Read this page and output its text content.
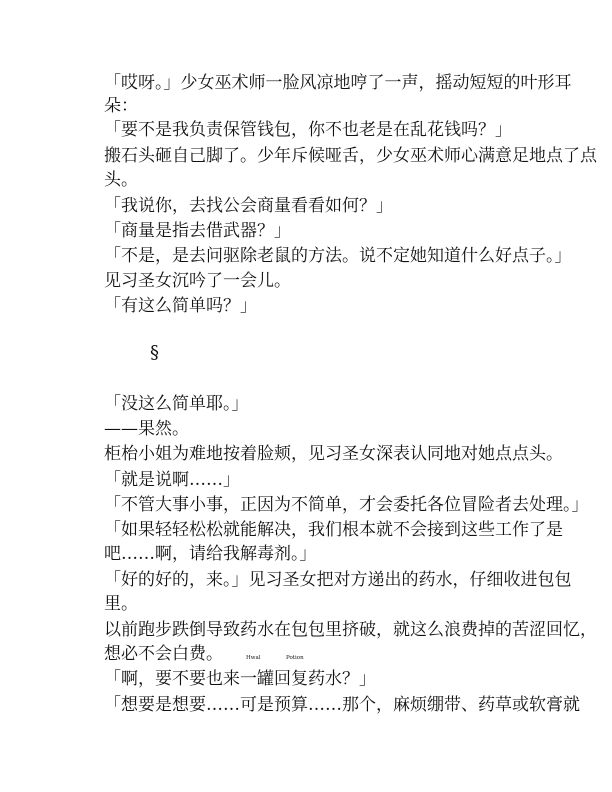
「哎呀。」少女巫术师一脸风凉地哼了一声，摇动短短的叶形耳
朵：
「要不是我负责保管钱包，你不也老是在乱花钱吗？」
搬石头砸自己脚了。少年斥候哑舌，少女巫术师心满意足地点了点
头。
「我说你，去找公会商量看看如何？」
「商量是指去借武器？」
「不是，是去问驱除老鼠的方法。说不定她知道什么好点子。」
见习圣女沉吟了一会儿。
「有这么简单吗？」
§
「没这么简单耶。」
——果然。
柜枱小姐为难地按着脸颊，见习圣女深表认同地对她点点头。
「就是说啊……」
「不管大事小事，正因为不简单，才会委托各位冒险者去处理。」
「如果轻轻松松就能解决，我们根本就不会接到这些工作了是
吧……啊，请给我解毒剂。」
「好的好的，来。」见习圣女把对方递出的药水，仔细收进包包
里。
以前跑步跌倒导致药水在包包里挤破，就这么浪费掉的苦涩回忆，
想必不会白费。	Hwal	Potion
「啊，要不要也来一罐回复药水？」
「想要是想要……可是预算……那个，麻烦绷带、药草或软膏就
